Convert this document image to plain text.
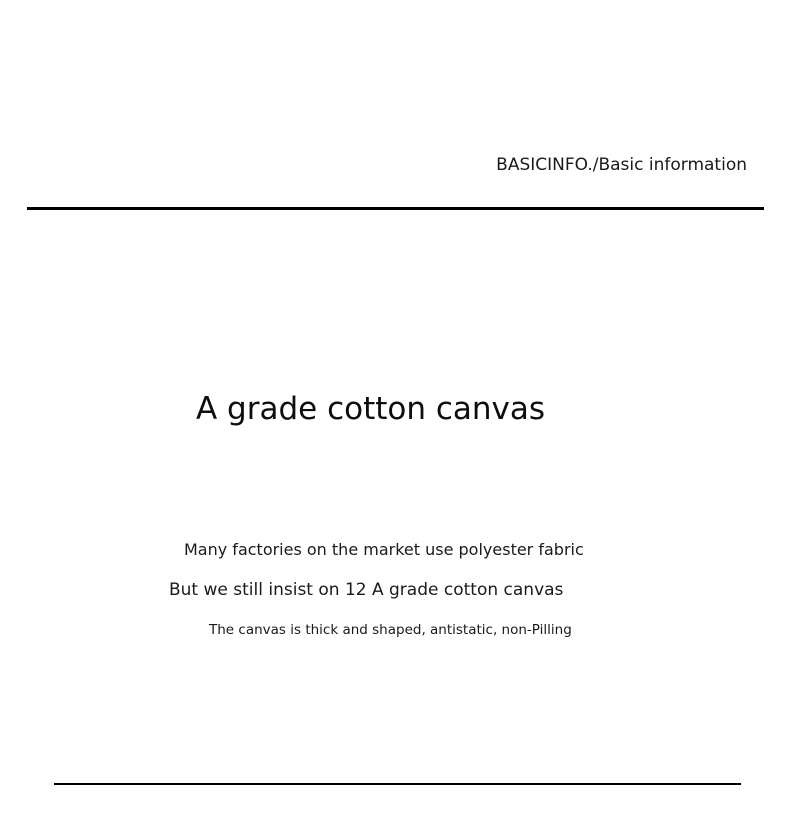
BASICINFO./Basic information
A grade cotton canvas
Many factories on the market use polyester fabric
But we still insist on 12 A grade cotton canvas
The canvas is thick and shaped, antistatic, non-Pilling
